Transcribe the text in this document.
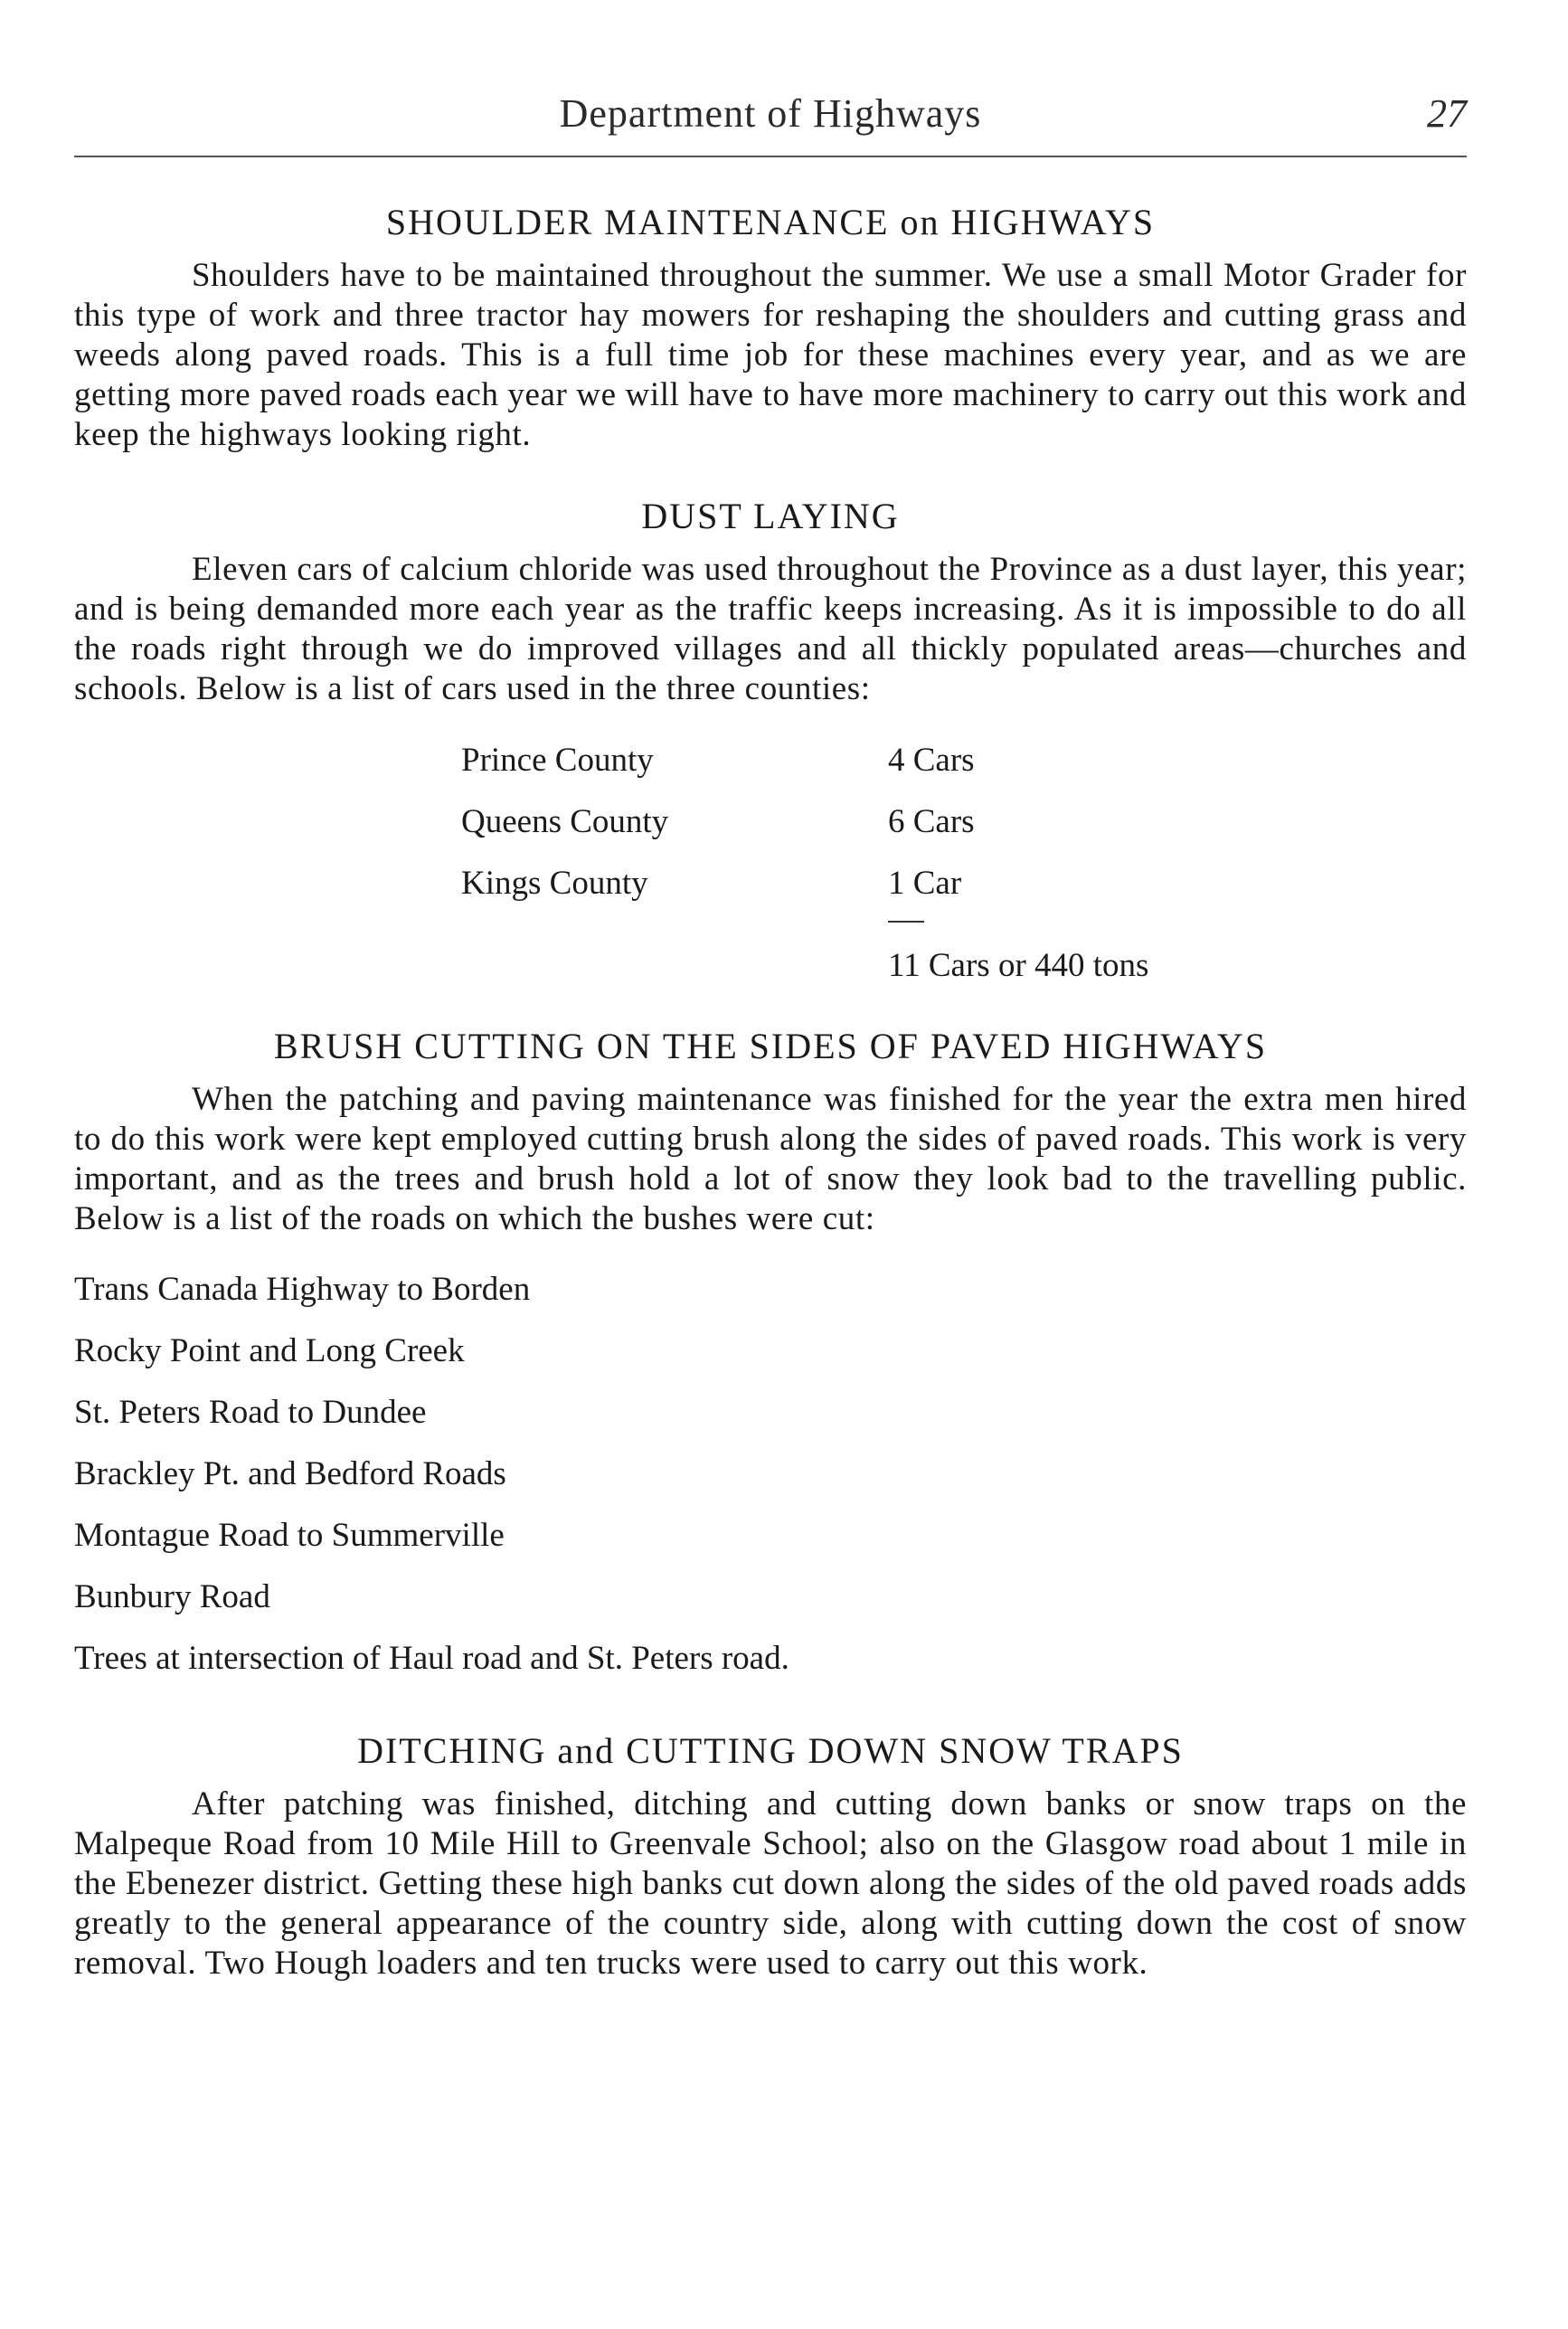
Department of Highways	27
SHOULDER MAINTENANCE on HIGHWAYS

Shoulders have to be maintained throughout the summer. We use a small Motor Grader for this type of work and three tractor hay mowers for reshaping the shoulders and cutting grass and weeds along paved roads. This is a full time job for these machines every year, and as we are getting more paved roads each year we will have to have more machinery to carry out this work and keep the highways looking right.

DUST LAYING

Eleven cars of calcium chloride was used throughout the Province as a dust layer, this year; and is being demanded more each year as the traffic keeps increasing. As it is impossible to do all the roads right through we do improved villages and all thickly populated areas—churches and schools. Below is a list of cars used in the three counties:

Prince County	4 Cars
Queens County	6 Cars
Kings County	1 Car
11 Cars or 440 tons
BRUSH CUTTING ON THE SIDES OF PAVED HIGHWAYS

When the patching and paving maintenance was finished for the year the extra men hired to do this work were kept employed cutting brush along the sides of paved roads. This work is very important, and as the trees and brush hold a lot of snow they look bad to the travelling public. Below is a list of the roads on which the bushes were cut:

Trans Canada Highway to Borden
Rocky Point and Long Creek
St. Peters Road to Dundee
Brackley Pt. and Bedford Roads
Montague Road to Summerville
Bunbury Road
Trees at intersection of Haul road and St. Peters road.
DITCHING and CUTTING DOWN SNOW TRAPS

After patching was finished, ditching and cutting down banks or snow traps on the Malpeque Road from 10 Mile Hill to Greenvale School; also on the Glasgow road about 1 mile in the Ebenezer district. Getting these high banks cut down along the sides of the old paved roads adds greatly to the general appearance of the country side, along with cutting down the cost of snow removal. Two Hough loaders and ten trucks were used to carry out this work.
